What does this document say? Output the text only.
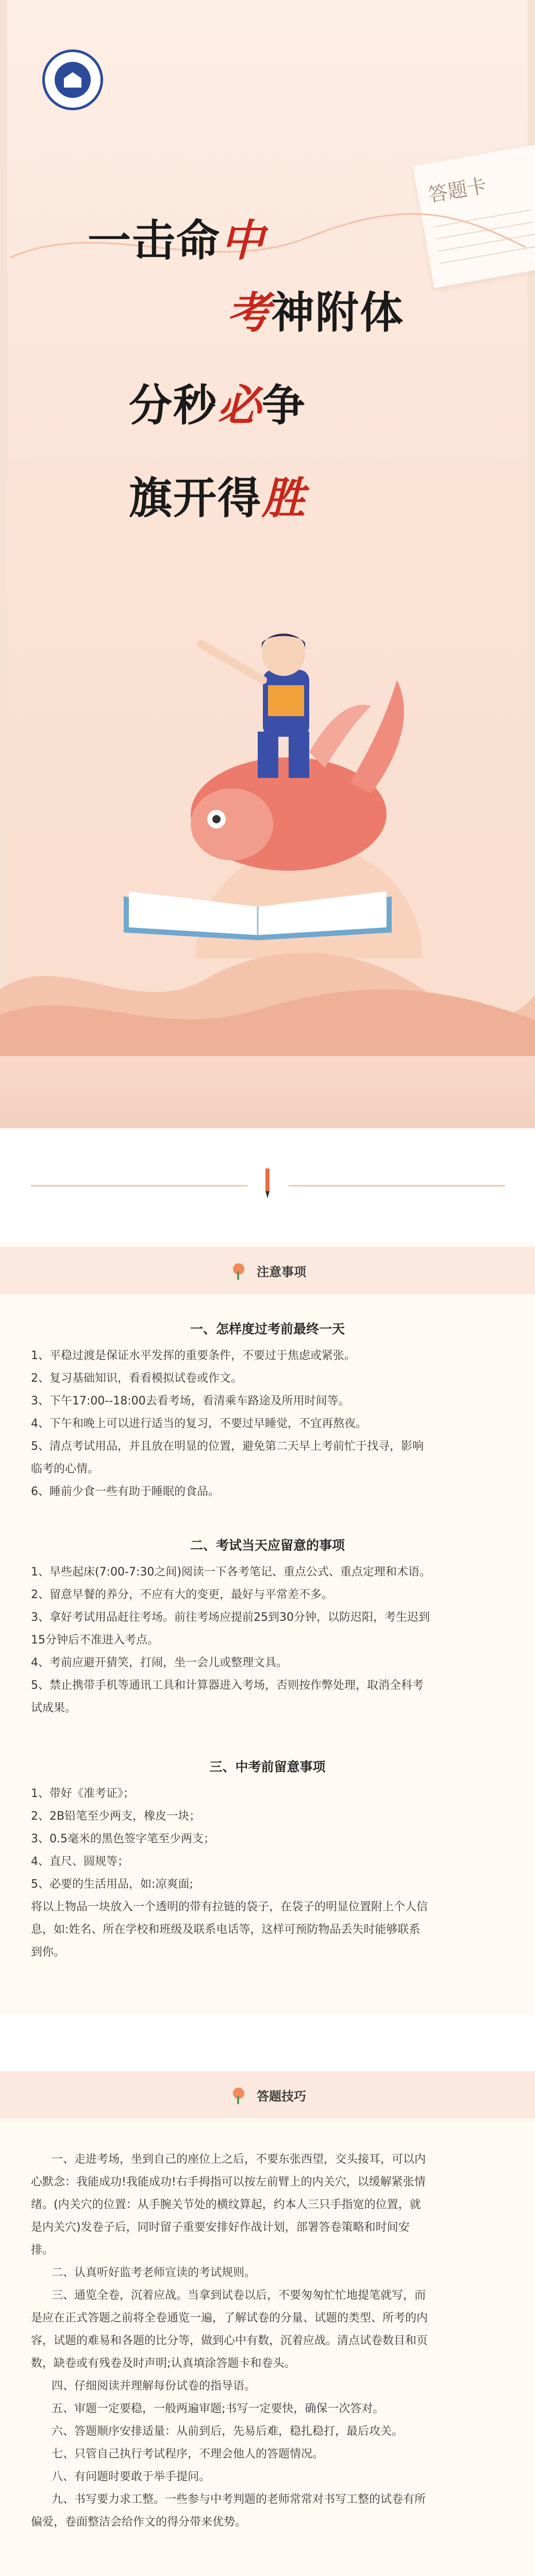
答题卡
一击命中
考神附体
分秒必争
旗开得胜
注意事项
一、怎样度过考前最终一天
1、平稳过渡是保证水平发挥的重要条件，不要过于焦虑或紧张。
2、复习基础知识，看看模拟试卷或作文。
3、下午17:00--18:00去看考场，看清乘车路途及所用时间等。
4、下午和晚上可以进行适当的复习，不要过早睡觉，不宜再熬夜。
5、清点考试用品，并且放在明显的位置，避免第二天早上考前忙于找寻，影响
临考的心情。
6、睡前少食一些有助于睡眠的食品。
二、考试当天应留意的事项
1、早些起床(7:00-7:30之间)阅读一下各考笔记、重点公式、重点定理和术语。
2、留意早餐的养分，不应有大的变更，最好与平常差不多。
3、拿好考试用品赶往考场。前往考场应提前25到30分钟，以防迟阳，考生迟到
15分钟后不准进入考点。
4、考前应避开猜笑，打闹，坐一会儿或整理文具。
5、禁止携带手机等通讯工具和计算器进入考场，否则按作弊处理，取消全科考
试成果。
三、中考前留意事项
1、带好《准考证》；
2、2B铅笔至少两支，橡皮一块；
3、0.5毫米的黑色签字笔至少两支；
4、直尺、圆规等；
5、必要的生活用品，如:凉爽面;
将以上物品一块放入一个透明的带有拉链的袋子，在袋子的明显位置附上个人信
息，如:姓名、所在学校和班级及联系电话等，这样可预防物品丢失时能够联系
到你。
答题技巧
一、走进考场，坐到自己的座位上之后，不要东张西望，交头接耳，可以内
心默念：我能成功!我能成功!右手拇指可以按左前臂上的内关穴，以缓解紧张情
绪。(内关穴的位置：从手腕关节处的横纹算起，约本人三只手指宽的位置，就
是内关穴)发卷子后，同时留子重要安排好作战计划，部署答卷策略和时间安
排。
二、认真听好监考老师宣读的考试规则。
三、通览全卷，沉着应战。当拿到试卷以后，不要匆匆忙忙地提笔就写，而
是应在正式答题之前将全卷通览一遍，了解试卷的分量、试题的类型、所考的内
容，试题的难易和各题的比分等，做到心中有数，沉着应战。清点试卷数目和页
数，缺卷或有残卷及时声明;认真填涂答题卡和卷头。
四、仔细阅读并理解每份试卷的指导语。
五、审题一定要稳，一般两遍审题;书写一定要快，确保一次答对。
六、答题顺序安排适量：从前到后，先易后难，稳扎稳打，最后攻关。
七、只管自己执行考试程序，不理会他人的答题情况。
八、有问题时要敢于举手提问。
九、书写要力求工整。一些参与中考判题的老师常常对书写工整的试卷有所
偏爱，卷面整洁会给作文的得分带来优势。
